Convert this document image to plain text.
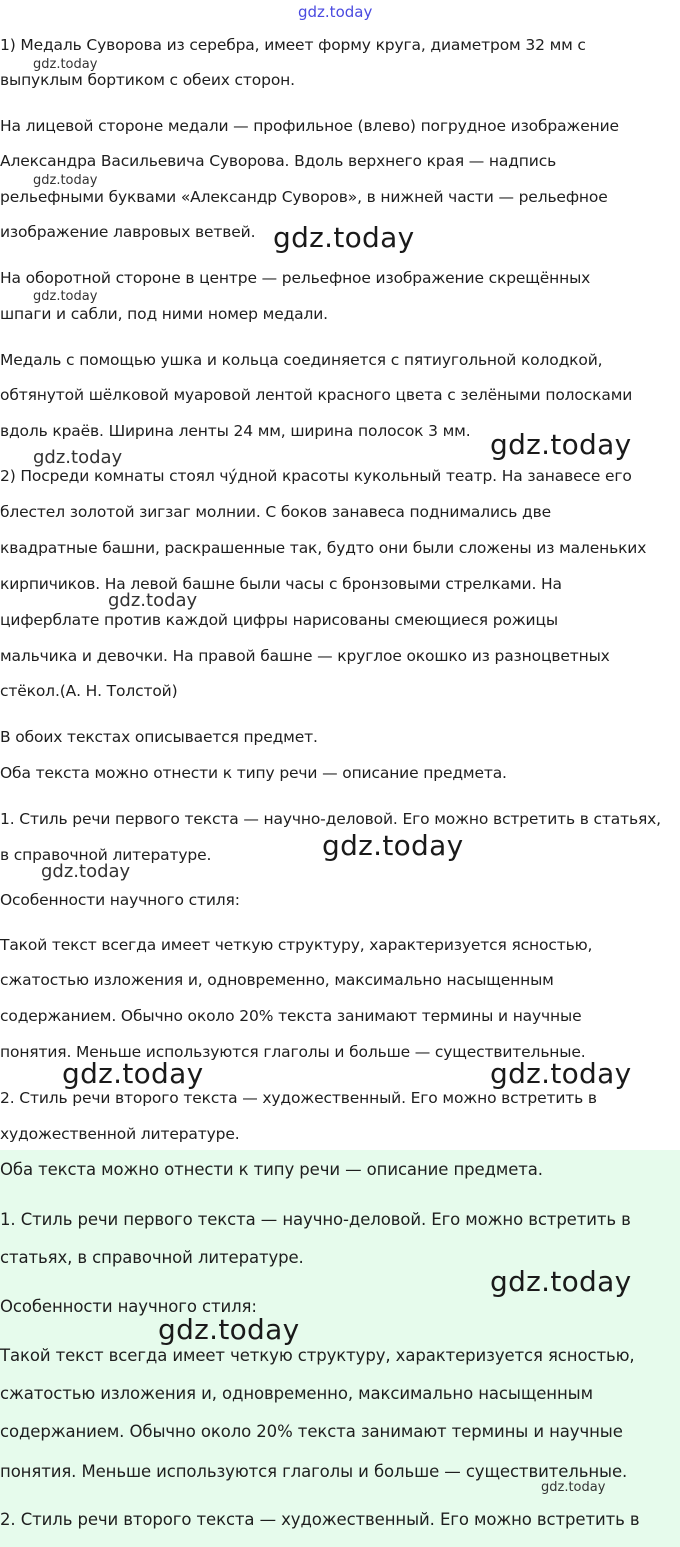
gdz.today
1) Медаль Суворова из серебра, имеет форму круга, диаметром 32 мм с
выпуклым бортиком с обеих сторон.
На лицевой стороне медали — профильное (влево) погрудное изображение
Александра Васильевича Суворова. Вдоль верхнего края — надпись
рельефными буквами «Александр Суворов», в нижней части — рельефное
изображение лавровых ветвей.
На оборотной стороне в центре — рельефное изображение скрещённых
шпаги и сабли, под ними номер медали.
Медаль с помощью ушка и кольца соединяется с пятиугольной колодкой,
обтянутой шёлковой муаровой лентой красного цвета с зелёными полосками
вдоль краёв. Ширина ленты 24 мм, ширина полосок 3 мм.
2) Посреди комнаты стоял чу́дной красоты кукольный театр. На занавесе его
блестел золотой зигзаг молнии. С боков занавеса поднимались две
квадратные башни, раскрашенные так, будто они были сложены из маленьких
кирпичиков. На левой башне были часы с бронзовыми стрелками. На
циферблате против каждой цифры нарисованы смеющиеся рожицы
мальчика и девочки. На правой башне — круглое окошко из разноцветных
стёкол.(А. Н. Толстой)
В обоих текстах описывается предмет.
Оба текста можно отнести к типу речи — описание предмета.
1. Стиль речи первого текста — научно-деловой. Его можно встретить в статьях,
в справочной литературе.
Особенности научного стиля:
Такой текст всегда имеет четкую структуру, характеризуется ясностью,
сжатостью изложения и, одновременно, максимально насыщенным
содержанием. Обычно около 20% текста занимают термины и научные
понятия. Меньше используются глаголы и больше — существительные.
2. Стиль речи второго текста — художественный. Его можно встретить в
художественной литературе.
Оба текста можно отнести к типу речи — описание предмета.
1. Стиль речи первого текста — научно-деловой. Его можно встретить в
статьях, в справочной литературе.
Особенности научного стиля:
Такой текст всегда имеет четкую структуру, характеризуется ясностью,
сжатостью изложения и, одновременно, максимально насыщенным
содержанием. Обычно около 20% текста занимают термины и научные
понятия. Меньше используются глаголы и больше — существительные.
2. Стиль речи второго текста — художественный. Его можно встретить в
gdz.today
gdz.today
gdz.today
gdz.today
gdz.today
gdz.today
gdz.today
gdz.today
gdz.today
gdz.today
gdz.today	gdz.today
gdz.today
gdz.today
